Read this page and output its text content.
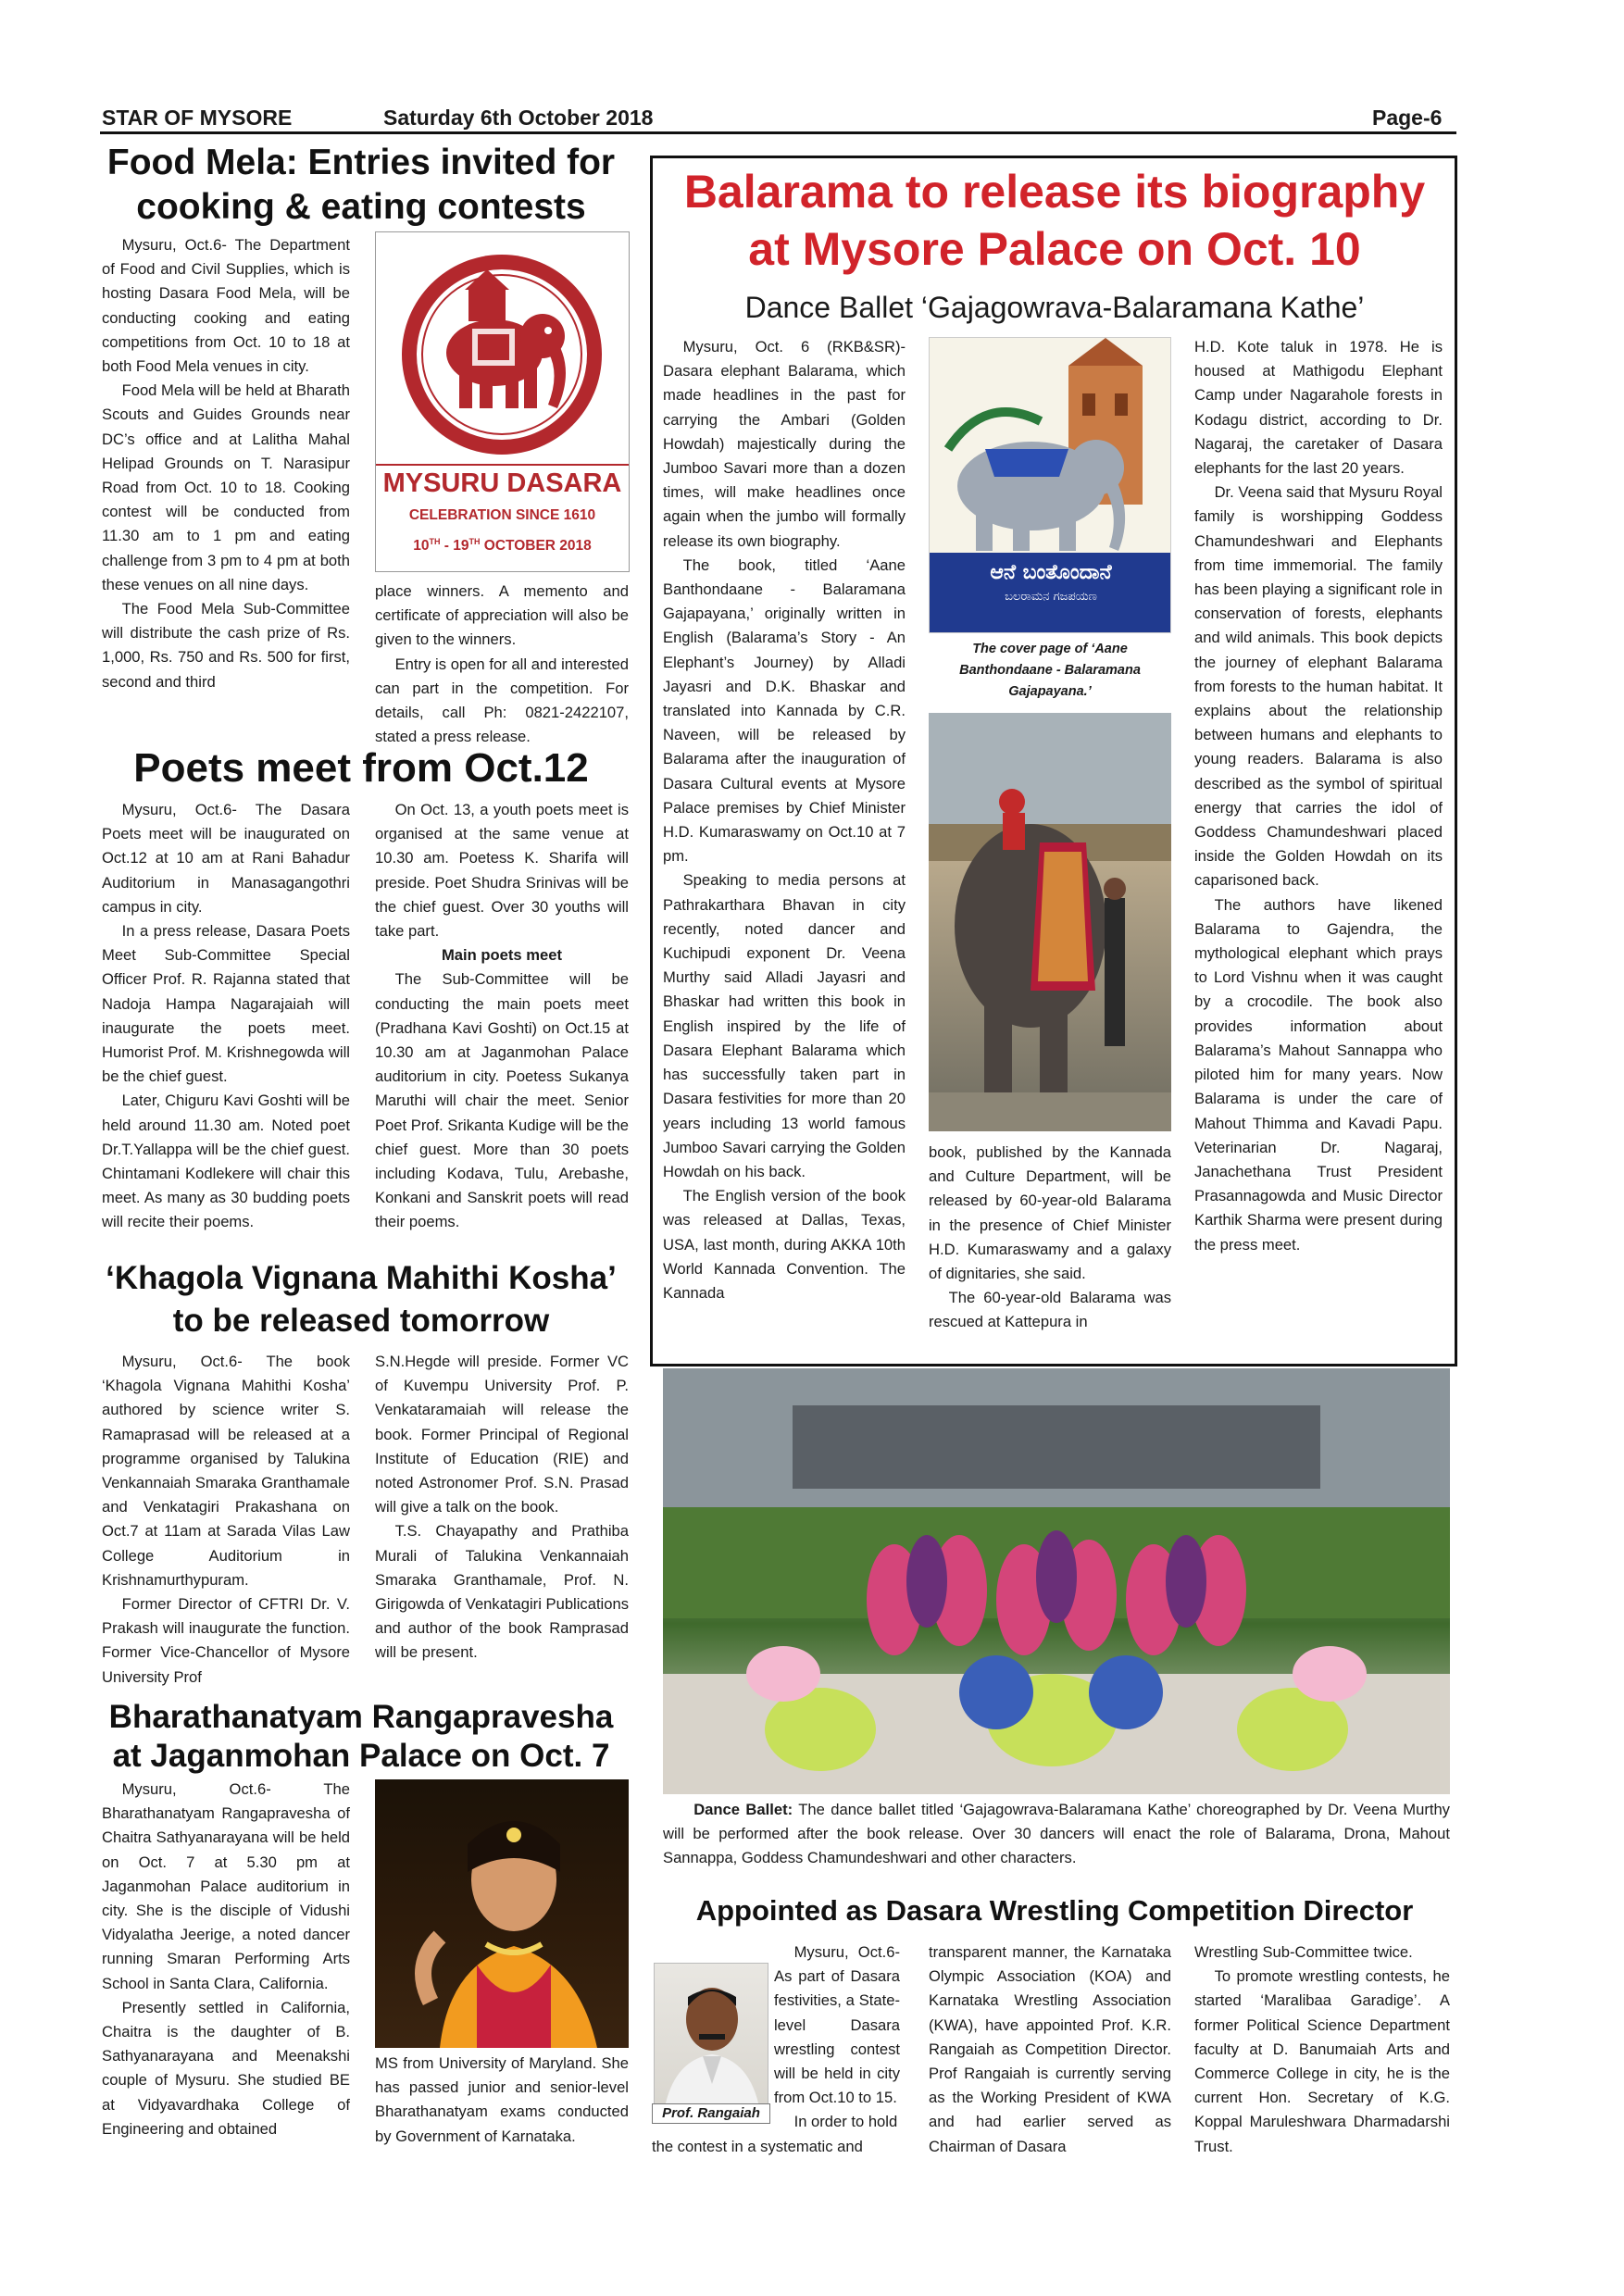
STAR OF MYSORE	Saturday 6th October 2018	Page-6
Food Mela: Entries invited for
cooking & eating contests

Mysuru, Oct.6- The Department of Food and Civil Supplies, which is hosting Dasara Food Mela, will be conducting cooking and eating competitions from Oct. 10 to 18 at both Food Mela venues in city.

Food Mela will be held at Bharath Scouts and Guides Grounds near DC’s office and at Lalitha Mahal Helipad Grounds on T. Narasipur Road from Oct. 10 to 18. Cooking contest will be conducted from 11.30 am to 1 pm and eating challenge from 3 pm to 4 pm at both these venues on all nine days.

The Food Mela Sub-Committee will distribute the cash prize of Rs. 1,000, Rs. 750 and Rs. 500 for first, second and third

MYSURU DASARA
CELEBRATION SINCE 1610
10TH - 19TH OCTOBER 2018

place winners. A memento and certificate of appreciation will also be given to the winners.

Entry is open for all and interested can part in the competition. For details, call Ph: 0821-2422107, stated a press release.

Poets meet from Oct.12

Mysuru, Oct.6- The Dasara Poets meet will be inaugurated on Oct.12 at 10 am at Rani Bahadur Auditorium in Manasagangothri campus in city.

In a press release, Dasara Poets Meet Sub-Committee Special Officer Prof. R. Rajanna stated that Nadoja Hampa Nagarajaiah will inaugurate the poets meet. Humorist Prof. M. Krishnegowda will be the chief guest.

Later, Chiguru Kavi Goshti will be held around 11.30 am. Noted poet Dr.T.Yallappa will be the chief guest. Chintamani Kodlekere will chair this meet. As many as 30 budding poets will recite their poems.

On Oct. 13, a youth poets meet is organised at the same venue at 10.30 am. Poetess K. Sharifa will preside. Poet Shudra Srinivas will be the chief guest. Over 30 youths will take part.

Main poets meet

The Sub-Committee will be conducting the main poets meet (Pradhana Kavi Goshti) on Oct.15 at 10.30 am at Jaganmohan Palace auditorium in city. Poetess Sukanya Maruthi will chair the meet. Senior Poet Prof. Srikanta Kudige will be the chief guest. More than 30 poets including Kodava, Tulu, Arebashe, Konkani and Sanskrit poets will read their poems.

‘Khagola Vignana Mahithi Kosha’
to be released tomorrow

Mysuru, Oct.6- The book ‘Khagola Vignana Mahithi Kosha’ authored by science writer S. Ramaprasad will be released at a programme organised by Talukina Venkannaiah Smaraka Granthamale and Venkatagiri Prakashana on Oct.7 at 11am at Sarada Vilas Law College Auditorium in Krishnamurthypuram.

Former Director of CFTRI Dr. V. Prakash will inaugurate the function. Former Vice-Chancellor of Mysore University Prof

S.N.Hegde will preside. Former VC of Kuvempu University Prof. P. Venkataramaiah will release the book. Former Principal of Regional Institute of Education (RIE) and noted Astronomer Prof. S.N. Prasad will give a talk on the book.

T.S. Chayapathy and Prathiba Murali of Talukina Venkannaiah Smaraka Granthamale, Prof. N. Girigowda of Venkatagiri Publications and author of the book Ramprasad will be present.

Bharathanatyam Rangapravesha
at Jaganmohan Palace on Oct. 7

Mysuru, Oct.6- The Bharathanatyam Rangapravesha of Chaitra Sathyanarayana will be held on Oct. 7 at 5.30 pm at Jaganmohan Palace auditorium in city. She is the disciple of Vidushi Vidyalatha Jeerige, a noted dancer running Smaran Performing Arts School in Santa Clara, California.

Presently settled in California, Chaitra is the daughter of B. Sathyanarayana and Meenakshi couple of Mysuru. She studied BE at Vidyavardhaka College of Engineering and obtained

MS from University of Maryland. She has passed junior and senior-level Bharathanatyam exams conducted by Government of Karnataka.

Balarama to release its biography
at Mysore Palace on Oct. 10
Dance Ballet ‘Gajagowrava-Balaramana Kathe’

Mysuru, Oct. 6 (RKB&SR)- Dasara elephant Balarama, which made headlines in the past for carrying the Ambari (Golden Howdah) majestically during the Jumboo Savari more than a dozen times, will make headlines once again when the jumbo will formally release its own biography.

The book, titled ‘Aane Banthondaane - Balaramana Gajapayana,’ originally written in English (Balarama’s Story - An Elephant’s Journey) by Alladi Jayasri and D.K. Bhaskar and translated into Kannada by C.R. Naveen, will be released by Balarama after the inauguration of Dasara Cultural events at Mysore Palace premises by Chief Minister H.D. Kumaraswamy on Oct.10 at 7 pm.

Speaking to media persons at Pathrakarthara Bhavan in city recently, noted dancer and Kuchipudi exponent Dr. Veena Murthy said Alladi Jayasri and Bhaskar had written this book in English inspired by the life of Dasara Elephant Balarama which has successfully taken part in Dasara festivities for more than 20 years including 13 world famous Jumboo Savari carrying the Golden Howdah on his back.

The English version of the book was released at Dallas, Texas, USA, last month, during AKKA 10th World Kannada Convention. The Kannada

ಆನೆ ಬಂತೊಂದಾನೆ
ಬಲರಾಮನ ಗಜಪಯಣ
The cover page of ‘Aane Banthondaane - Balaramana Gajapayana.’

book, published by the Kannada and Culture Department, will be released by 60-year-old Balarama in the presence of Chief Minister H.D. Kumaraswamy and a galaxy of dignitaries, she said.

The 60-year-old Balarama was rescued at Kattepura in

H.D. Kote taluk in 1978. He is housed at Mathigodu Elephant Camp under Nagarahole forests in Kodagu district, according to Dr. Nagaraj, the caretaker of Dasara elephants for the last 20 years.

Dr. Veena said that Mysuru Royal family is worshipping Goddess Chamundeshwari and Elephants from time immemorial. The family has been playing a significant role in conservation of forests, elephants and wild animals. This book depicts the journey of elephant Balarama from forests to the human habitat. It explains about the relationship between humans and elephants to young readers. Balarama is also described as the symbol of spiritual energy that carries the idol of Goddess Chamundeshwari placed inside the Golden Howdah on its caparisoned back.

The authors have likened Balarama to Gajendra, the mythological elephant which prays to Lord Vishnu when it was caught by a crocodile. The book also provides information about Balarama’s Mahout Sannappa who piloted him for many years. Now Balarama is under the care of Mahout Thimma and Kavadi Papu. Veterinarian Dr. Nagaraj, Janachethana Trust President Prasannagowda and Music Director Karthik Sharma were present during the press meet.

Dance Ballet: The dance ballet titled ‘Gajagowrava-Balaramana Kathe’ choreographed by Dr. Veena Murthy will be performed after the book release. Over 30 dancers will enact the role of Balarama, Drona, Mahout Sannappa, Goddess Chamundeshwari and other characters.
Appointed as Dasara Wrestling Competition Director
Prof. Rangaiah

Mysuru, Oct.6- As part of Dasara festivities, a State-level Dasara wrestling contest will be held in city from Oct.10 to 15.

In order to hold

the contest in a systematic and

transparent manner, the Karnataka Olympic Association (KOA) and Karnataka Wrestling Association (KWA), have appointed Prof. K.R. Rangaiah as Competition Director. Prof Rangaiah is currently serving as the Working President of KWA and had earlier served as Chairman of Dasara

Wrestling Sub-Committee twice.

To promote wrestling contests, he started ‘Maralibaa Garadige’. A former Political Science Department faculty at D. Banumaiah Arts and Commerce College in city, he is the current Hon. Secretary of K.G. Koppal Maruleshwara Dharmadarshi Trust.
